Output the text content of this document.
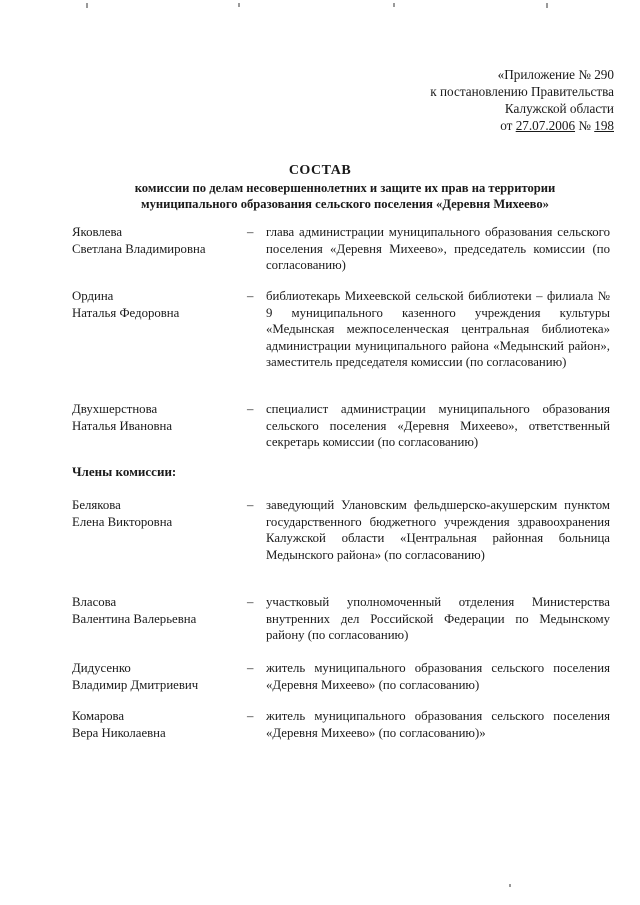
«Приложение № 290
к постановлению Правительства
Калужской области
от 27.07.2006 № 198
СОСТАВ
комиссии по делам несовершеннолетних и защите их прав на территории муниципального образования сельского поселения «Деревня Михеево»
Яковлева
Светлана Владимировна
– глава администрации муниципального образования сельского поселения «Деревня Михеево», председатель комиссии (по согласованию)
Ордина
Наталья Федоровна
– библиотекарь Михеевской сельской библиотеки – филиала № 9 муниципального казенного учреждения культуры «Медынская межпоселенческая центральная библиотека» администрации муниципального района «Медынский район», заместитель председателя комиссии (по согласованию)
Двухшерстнова
Наталья Ивановна
– специалист администрации муниципального образования сельского поселения «Деревня Михеево», ответственный секретарь комиссии (по согласованию)
Члены комиссии:
Белякова
Елена Викторовна
– заведующий Улановским фельдшерско-акушерским пунктом государственного бюджетного учреждения здравоохранения Калужской области «Центральная районная больница Медынского района» (по согласованию)
Власова
Валентина Валерьевна
– участковый уполномоченный отделения Министерства внутренних дел Российской Федерации по Медынскому району (по согласованию)
Дидусенко
Владимир Дмитриевич
– житель муниципального образования сельского поселения «Деревня Михеево» (по согласованию)
Комарова
Вера Николаевна
– житель муниципального образования сельского поселения «Деревня Михеево» (по согласованию)»
